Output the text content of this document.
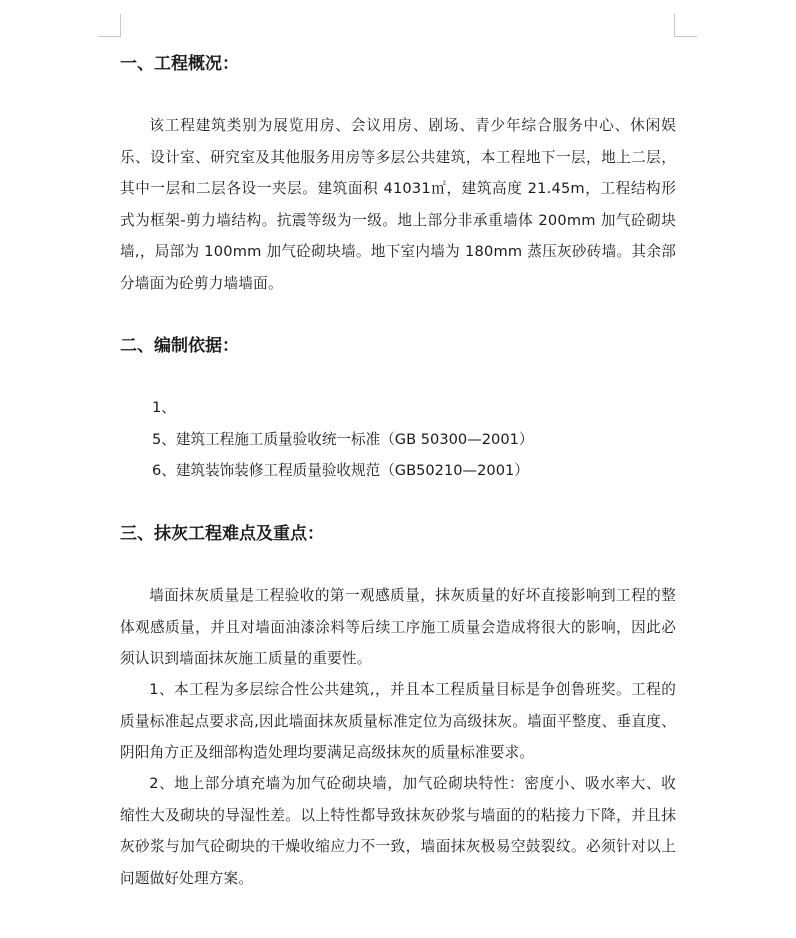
一、工程概况：
该工程建筑类别为展览用房、会议用房、剧场、青少年综合服务中心、休闲娱乐、设计室、研究室及其他服务用房等多层公共建筑，本工程地下一层，地上二层，其中一层和二层各设一夹层。建筑面积 41031㎡，建筑高度 21.45m，工程结构形式为框架-剪力墙结构。抗震等级为一级。地上部分非承重墙体 200mm 加气砼砌块墙,，局部为 100mm 加气砼砌块墙。地下室内墙为 180mm 蒸压灰砂砖墙。其余部分墙面为砼剪力墙墙面。
二、编制依据：
1、
5、建筑工程施工质量验收统一标准（GB 50300—2001）
6、建筑装饰装修工程质量验收规范（GB50210—2001）
三、抹灰工程难点及重点：
墙面抹灰质量是工程验收的第一观感质量，抹灰质量的好坏直接影响到工程的整体观感质量，并且对墙面油漆涂料等后续工序施工质量会造成将很大的影响，因此必须认识到墙面抹灰施工质量的重要性。
1、本工程为多层综合性公共建筑,，并且本工程质量目标是争创鲁班奖。工程的质量标准起点要求高,因此墙面抹灰质量标准定位为高级抹灰。墙面平整度、垂直度、阴阳角方正及细部构造处理均要满足高级抹灰的质量标准要求。
2、地上部分填充墙为加气砼砌块墙，加气砼砌块特性：密度小、吸水率大、收缩性大及砌块的导湿性差。以上特性都导致抹灰砂浆与墙面的的粘接力下降，并且抹灰砂浆与加气砼砌块的干燥收缩应力不一致，墙面抹灰极易空鼓裂纹。必须针对以上问题做好处理方案。
